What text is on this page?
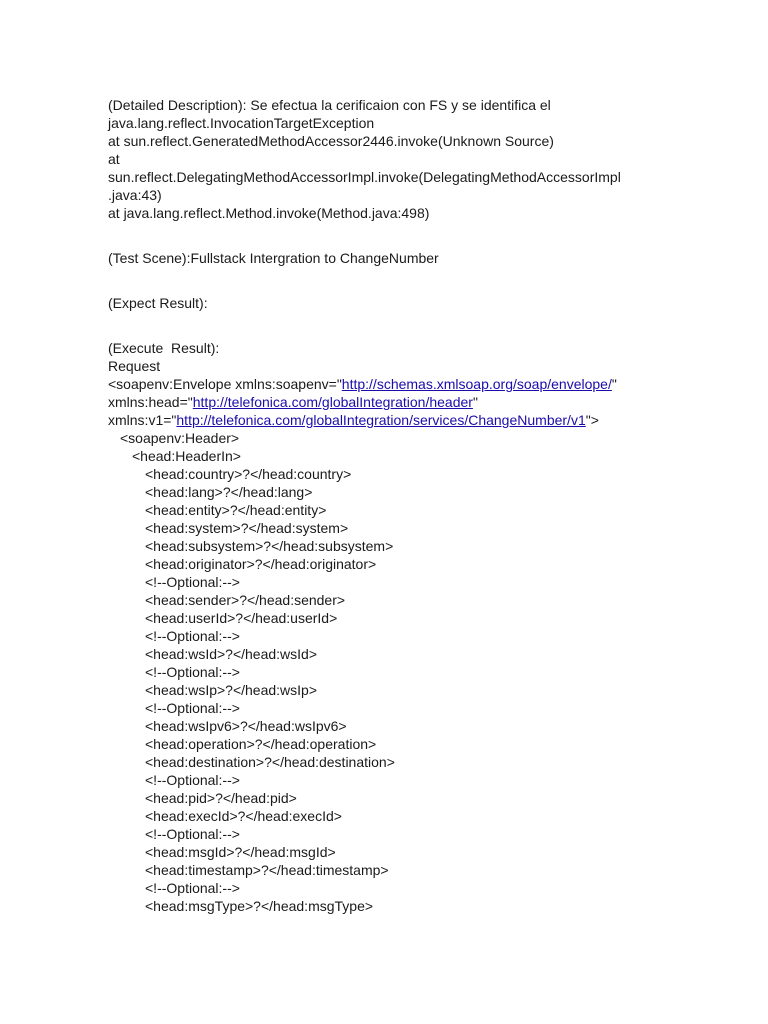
(Detailed Description): Se efectua la cerificaion con FS y se identifica el
java.lang.reflect.InvocationTargetException
at sun.reflect.GeneratedMethodAccessor2446.invoke(Unknown Source)
at
sun.reflect.DelegatingMethodAccessorImpl.invoke(DelegatingMethodAccessorImpl
.java:43)
at java.lang.reflect.Method.invoke(Method.java:498)
(Test Scene):Fullstack Intergration to ChangeNumber
(Expect Result):
(Execute  Result):
Request
<soapenv:Envelope xmlns:soapenv="http://schemas.xmlsoap.org/soap/envelope/"
xmlns:head="http://telefonica.com/globalIntegration/header"
xmlns:v1="http://telefonica.com/globalIntegration/services/ChangeNumber/v1">
<soapenv:Header>
<head:HeaderIn>
<head:country>?</head:country>
<head:lang>?</head:lang>
<head:entity>?</head:entity>
<head:system>?</head:system>
<head:subsystem>?</head:subsystem>
<head:originator>?</head:originator>
<!--Optional:-->
<head:sender>?</head:sender>
<head:userId>?</head:userId>
<!--Optional:-->
<head:wsId>?</head:wsId>
<!--Optional:-->
<head:wsIp>?</head:wsIp>
<!--Optional:-->
<head:wsIpv6>?</head:wsIpv6>
<head:operation>?</head:operation>
<head:destination>?</head:destination>
<!--Optional:-->
<head:pid>?</head:pid>
<head:execId>?</head:execId>
<!--Optional:-->
<head:msgId>?</head:msgId>
<head:timestamp>?</head:timestamp>
<!--Optional:-->
<head:msgType>?</head:msgType>
